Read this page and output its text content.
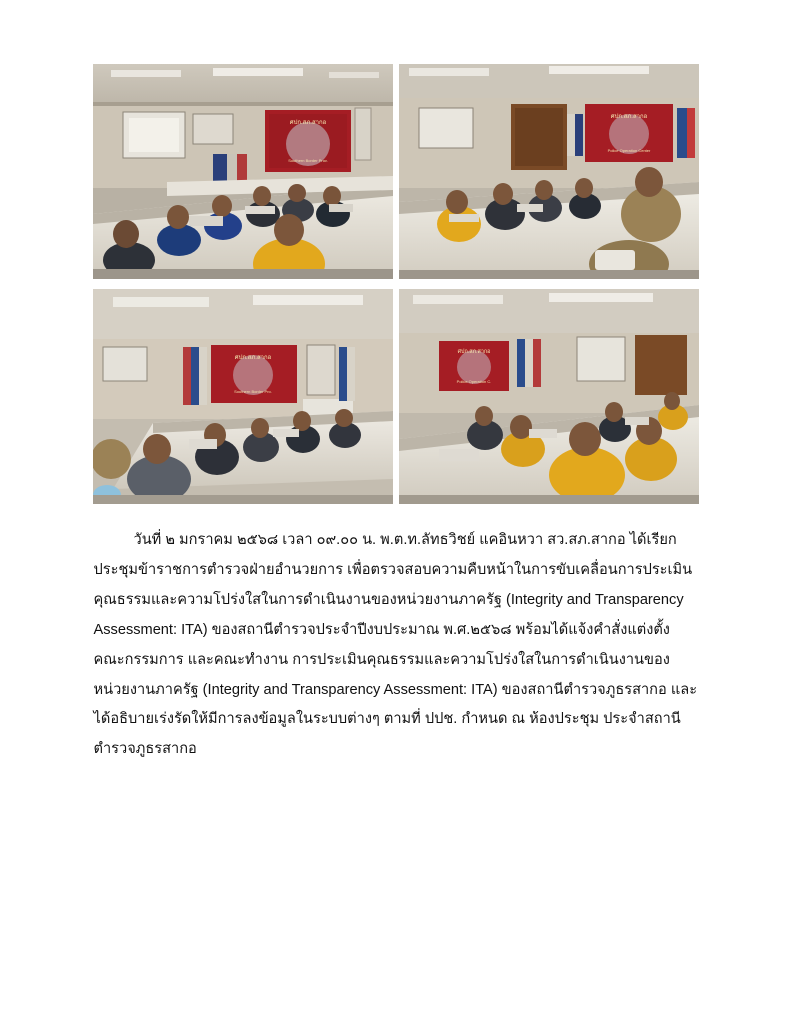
ศปก.สภ.สากอ
Southern Border Prov.
ศปก.สภ.สากอ
Police Operation Center
ศปก.สภ.สากอ
Southern Border Pro.
ศปก.สภ.สากอ
Police Operation C.
วันที่ ๒ มกราคม ๒๕๖๘ เวลา ๐๙.๐๐ น. พ.ต.ท.ลัทธวิชย์ แคอินหวา สว.สภ.สากอ ได้เรียกประชุมข้าราชการตำรวจฝ่ายอำนวยการ เพื่อตรวจสอบความคืบหน้าในการขับเคลื่อนการประเมินคุณธรรมและความโปร่งใสในการดำเนินงานของหน่วยงานภาครัฐ (Integrity and Transparency Assessment: ITA) ของสถานีตำรวจประจำปีงบประมาณ พ.ศ.๒๕๖๘ พร้อมได้แจ้งคำสั่งแต่งตั้งคณะกรรมการ และคณะทำงาน การประเมินคุณธรรมและความโปร่งใสในการดำเนินงานของหน่วยงานภาครัฐ (Integrity and Transparency Assessment: ITA) ของสถานีตำรวจภูธรสากอ และได้อธิบายเร่งรัดให้มีการลงข้อมูลในระบบต่างๆ ตามที่ ปปช. กำหนด ณ ห้องประชุม ประจำสถานีตำรวจภูธรสากอ
